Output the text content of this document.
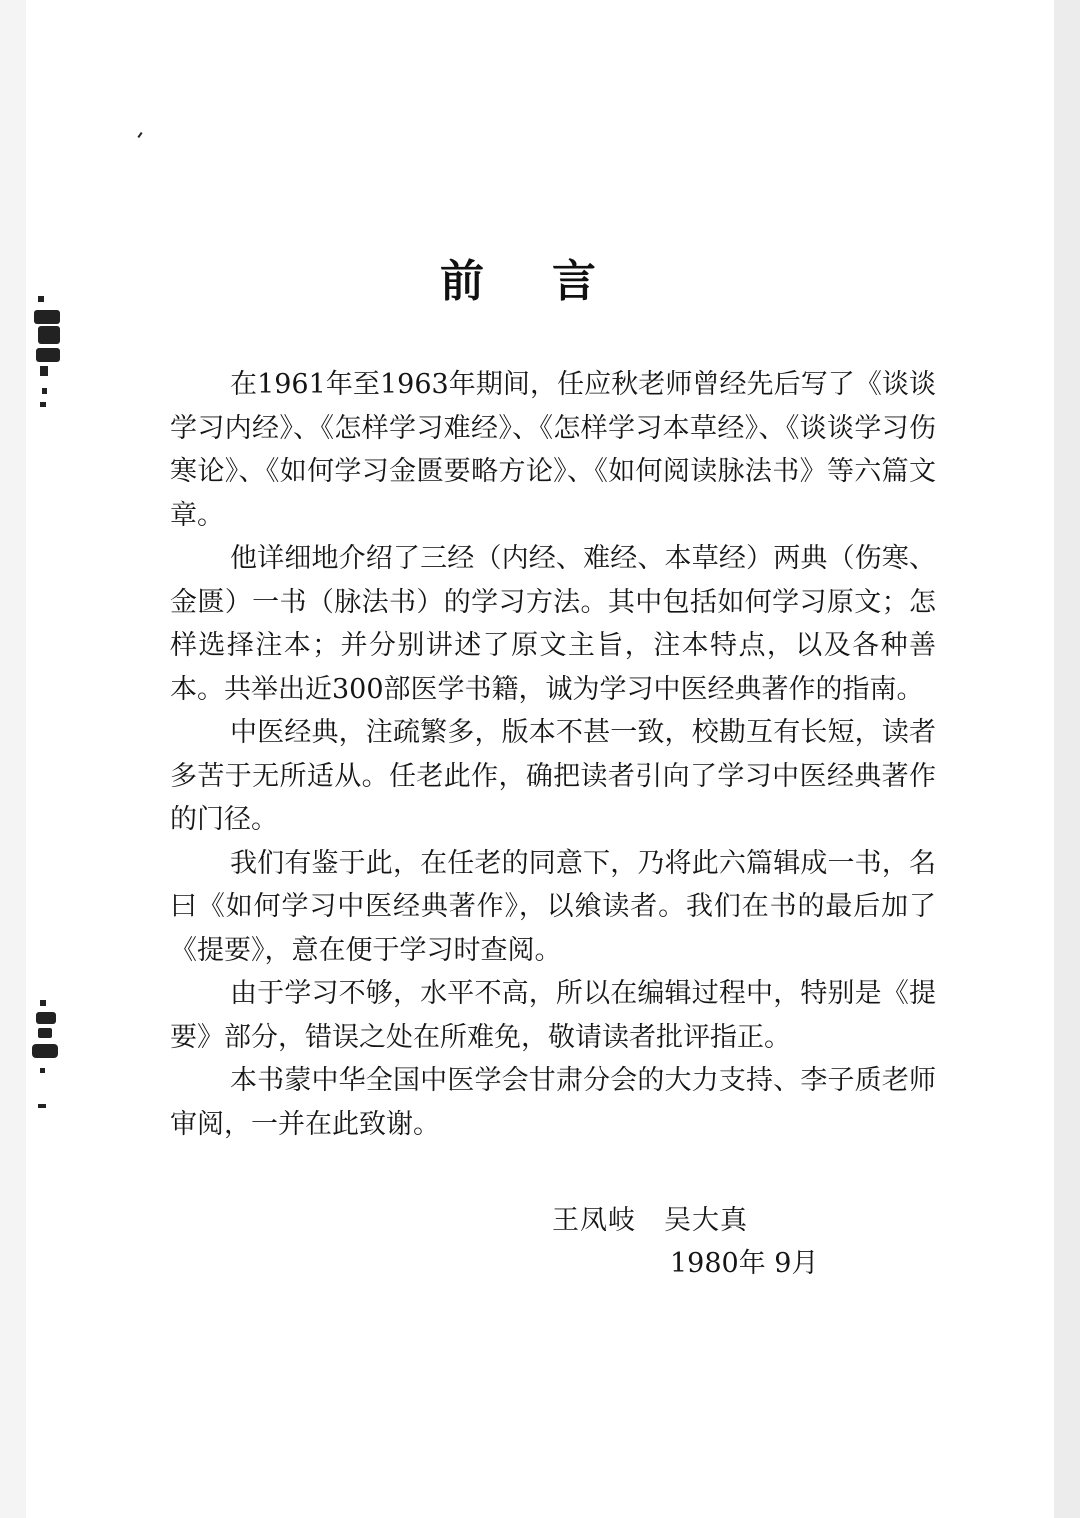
前言

在1961年至1963年期间，任应秋老师曾经先后写了《谈谈学习内经》、《怎样学习难经》、《怎样学习本草经》、《谈谈学习伤寒论》、《如何学习金匮要略方论》、《如何阅读脉法书》等六篇文章。

他详细地介绍了三经（内经、难经、本草经）两典（伤寒、金匮）一书（脉法书）的学习方法。其中包括如何学习原文；怎样选择注本；并分别讲述了原文主旨，注本特点，以及各种善本。共举出近300部医学书籍，诚为学习中医经典著作的指南。

中医经典，注疏繁多，版本不甚一致，校勘互有长短，读者多苦于无所适从。任老此作，确把读者引向了学习中医经典著作的门径。

我们有鉴于此，在任老的同意下，乃将此六篇辑成一书，名曰《如何学习中医经典著作》，以飨读者。我们在书的最后加了《提要》，意在便于学习时查阅。

由于学习不够，水平不高，所以在编辑过程中，特别是《提要》部分，错误之处在所难免，敬请读者批评指正。

本书蒙中华全国中医学会甘肃分会的大力支持、李子质老师审阅，一并在此致谢。

王凤岐　吴大真
1980年 9月
